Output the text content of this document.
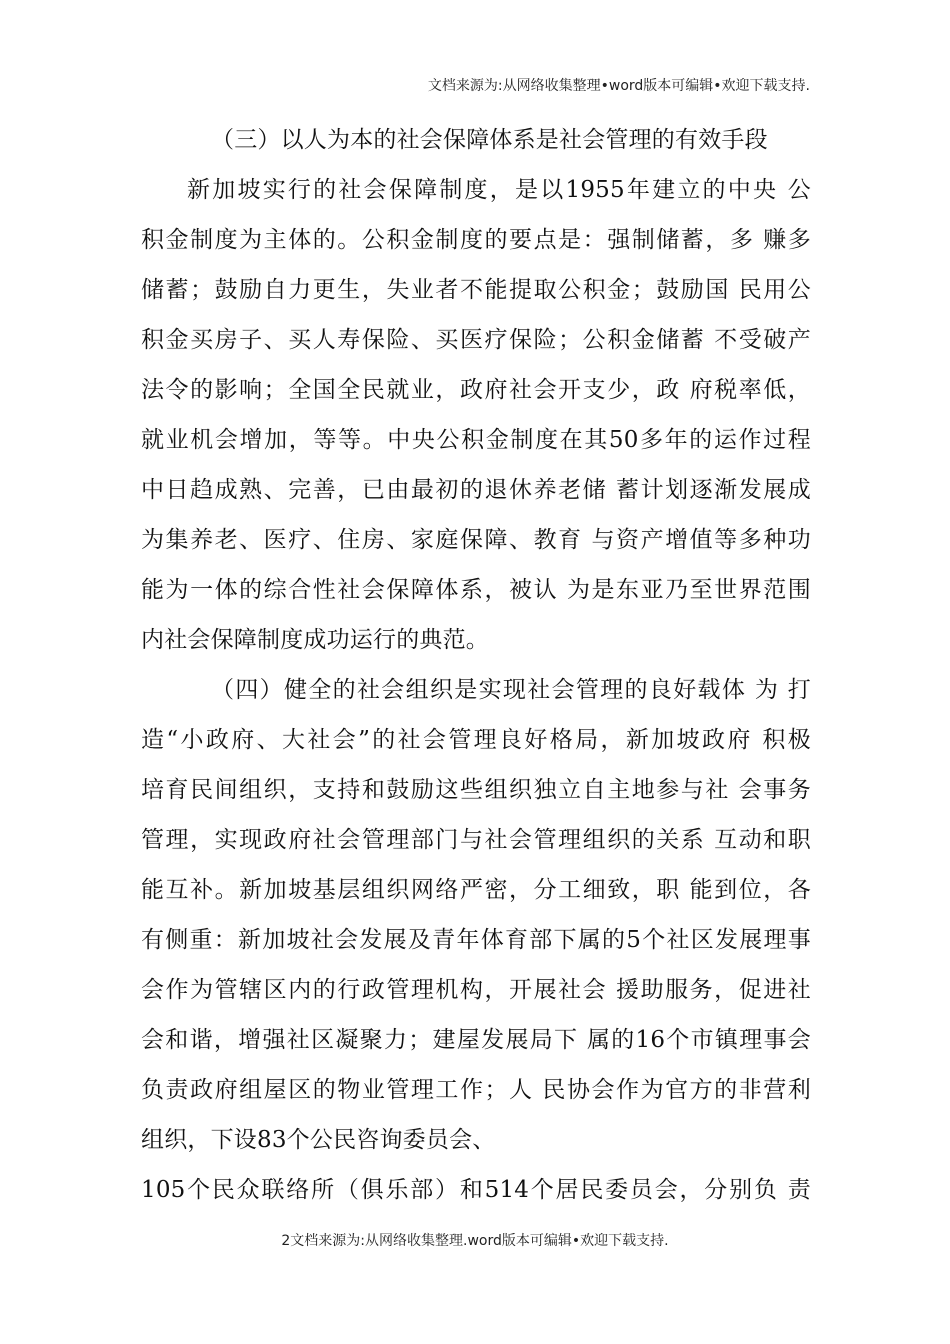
文档来源为:从网络收集整理•word版本可编辑•欢迎下载支持.
（三）以人为本的社会保障体系是社会管理的有效手段
新加坡实行的社会保障制度，是以1955年建立的中央 公
积金制度为主体的。公积金制度的要点是：强制储蓄，多 赚多
储蓄；鼓励自力更生，失业者不能提取公积金；鼓励国 民用公
积金买房子、买人寿保险、买医疗保险；公积金储蓄 不受破产
法令的影响；全国全民就业，政府社会开支少，政 府税率低，
就业机会增加，等等。中央公积金制度在其50多年的运作过程
中日趋成熟、完善，已由最初的退休养老储 蓄计划逐渐发展成
为集养老、医疗、住房、家庭保障、教育 与资产增值等多种功
能为一体的综合性社会保障体系，被认 为是东亚乃至世界范围
内社会保障制度成功运行的典范。
（四）健全的社会组织是实现社会管理的良好载体 为 打
造“小政府、大社会”的社会管理良好格局，新加坡政府 积极
培育民间组织，支持和鼓励这些组织独立自主地参与社 会事务
管理，实现政府社会管理部门与社会管理组织的关系 互动和职
能互补。新加坡基层组织网络严密，分工细致，职 能到位，各
有侧重：新加坡社会发展及青年体育部下属的5个社区发展理事
会作为管辖区内的行政管理机构，开展社会 援助服务，促进社
会和谐，增强社区凝聚力；建屋发展局下 属的16个市镇理事会
负责政府组屋区的物业管理工作；人 民协会作为官方的非营利
组织，下设83个公民咨询委员会、
105个民众联络所（俱乐部）和514个居民委员会，分别负 责
2文档来源为:从网络收集整理.word版本可编辑•欢迎下载支持.
